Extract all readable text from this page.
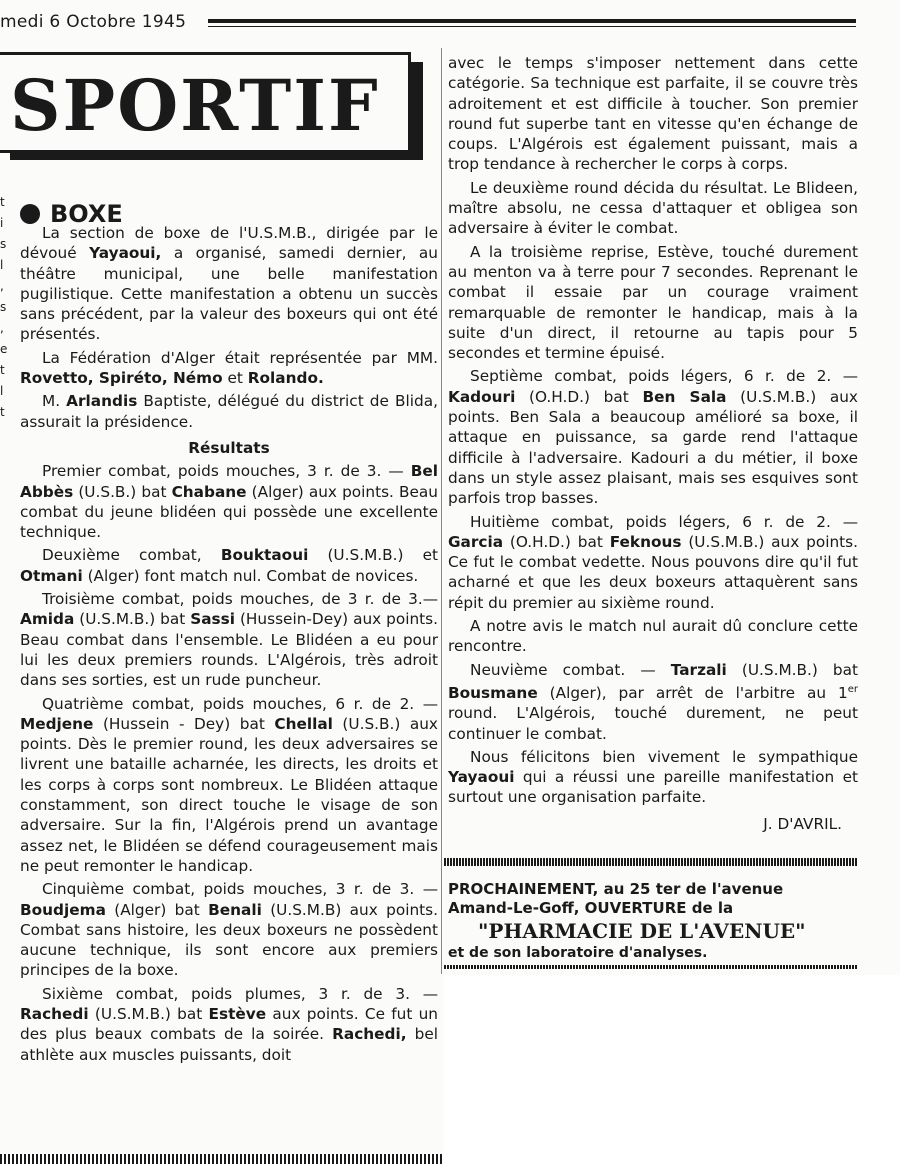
medi 6 Octobre 1945
SPORTIF
t
i
s
l
,
s
,
e
t
l
t
BOXE

La section de boxe de l'U.S.M.B., dirigée par le dévoué Yayaoui, a organisé, samedi dernier, au théâtre municipal, une belle manifestation pugilistique. Cette manifestation a obtenu un succès sans précédent, par la valeur des boxeurs qui ont été présentés.

La Fédération d'Alger était représentée par MM. Rovetto, Spiréto, Némo et Rolando.

M. Arlandis Baptiste, délégué du district de Blida, assurait la présidence.

Résultats

Premier combat, poids mouches, 3 r. de 3. — Bel Abbès (U.S.B.) bat Chabane (Alger) aux points. Beau combat du jeune blidéen qui possède une excellente technique.

Deuxième combat, Bouktaoui (U.S.M.B.) et Otmani (Alger) font match nul. Combat de novices.

Troisième combat, poids mouches, de 3 r. de 3.— Amida (U.S.M.B.) bat Sassi (Hussein-Dey) aux points. Beau combat dans l'ensemble. Le Blidéen a eu pour lui les deux premiers rounds. L'Algérois, très adroit dans ses sorties, est un rude puncheur.

Quatrième combat, poids mouches, 6 r. de 2. — Medjene (Hussein - Dey) bat Chellal (U.S.B.) aux points. Dès le premier round, les deux adversaires se livrent une bataille acharnée, les directs, les droits et les corps à corps sont nombreux. Le Blidéen attaque constamment, son direct touche le visage de son adversaire. Sur la fin, l'Algérois prend un avantage assez net, le Blidéen se défend courageusement mais ne peut remonter le handicap.

Cinquième combat, poids mouches, 3 r. de 3. — Boudjema (Alger) bat Benali (U.S.M.B) aux points. Combat sans histoire, les deux boxeurs ne possèdent aucune technique, ils sont encore aux premiers principes de la boxe.

Sixième combat, poids plumes, 3 r. de 3. — Rachedi (U.S.M.B.) bat Estève aux points. Ce fut un des plus beaux combats de la soirée. Rachedi, bel athlète aux muscles puissants, doit

avec le temps s'imposer nettement dans cette catégorie. Sa technique est parfaite, il se couvre très adroitement et est difficile à toucher. Son premier round fut superbe tant en vitesse qu'en échange de coups. L'Algérois est également puissant, mais a trop tendance à rechercher le corps à corps.

Le deuxième round décida du résultat. Le Blideen, maître absolu, ne cessa d'attaquer et obligea son adversaire à éviter le combat.

A la troisième reprise, Estève, touché durement au menton va à terre pour 7 secondes. Reprenant le combat il essaie par un courage vraiment remarquable de remonter le handicap, mais à la suite d'un direct, il retourne au tapis pour 5 secondes et termine épuisé.

Septième combat, poids légers, 6 r. de 2. — Kadouri (O.H.D.) bat Ben Sala (U.S.M.B.) aux points. Ben Sala a beaucoup amélioré sa boxe, il attaque en puissance, sa garde rend l'attaque difficile à l'adversaire. Kadouri a du métier, il boxe dans un style assez plaisant, mais ses esquives sont parfois trop basses.

Huitième combat, poids légers, 6 r. de 2. — Garcia (O.H.D.) bat Feknous (U.S.M.B.) aux points. Ce fut le combat vedette. Nous pouvons dire qu'il fut acharné et que les deux boxeurs attaquèrent sans répit du premier au sixième round.

A notre avis le match nul aurait dû conclure cette rencontre.

Neuvième combat. — Tarzali (U.S.M.B.) bat Bousmane (Alger), par arrêt de l'arbitre au 1er round. L'Algérois, touché durement, ne peut continuer le combat.

Nous félicitons bien vivement le sympathique Yayaoui qui a réussi une pareille manifestation et surtout une organisation parfaite.

J. D'AVRIL.

PROCHAINEMENT, au 25 ter de l'avenue
Amand-Le-Goff, OUVERTURE de la
"PHARMACIE DE L'AVENUE"
et de son laboratoire d'analyses.
